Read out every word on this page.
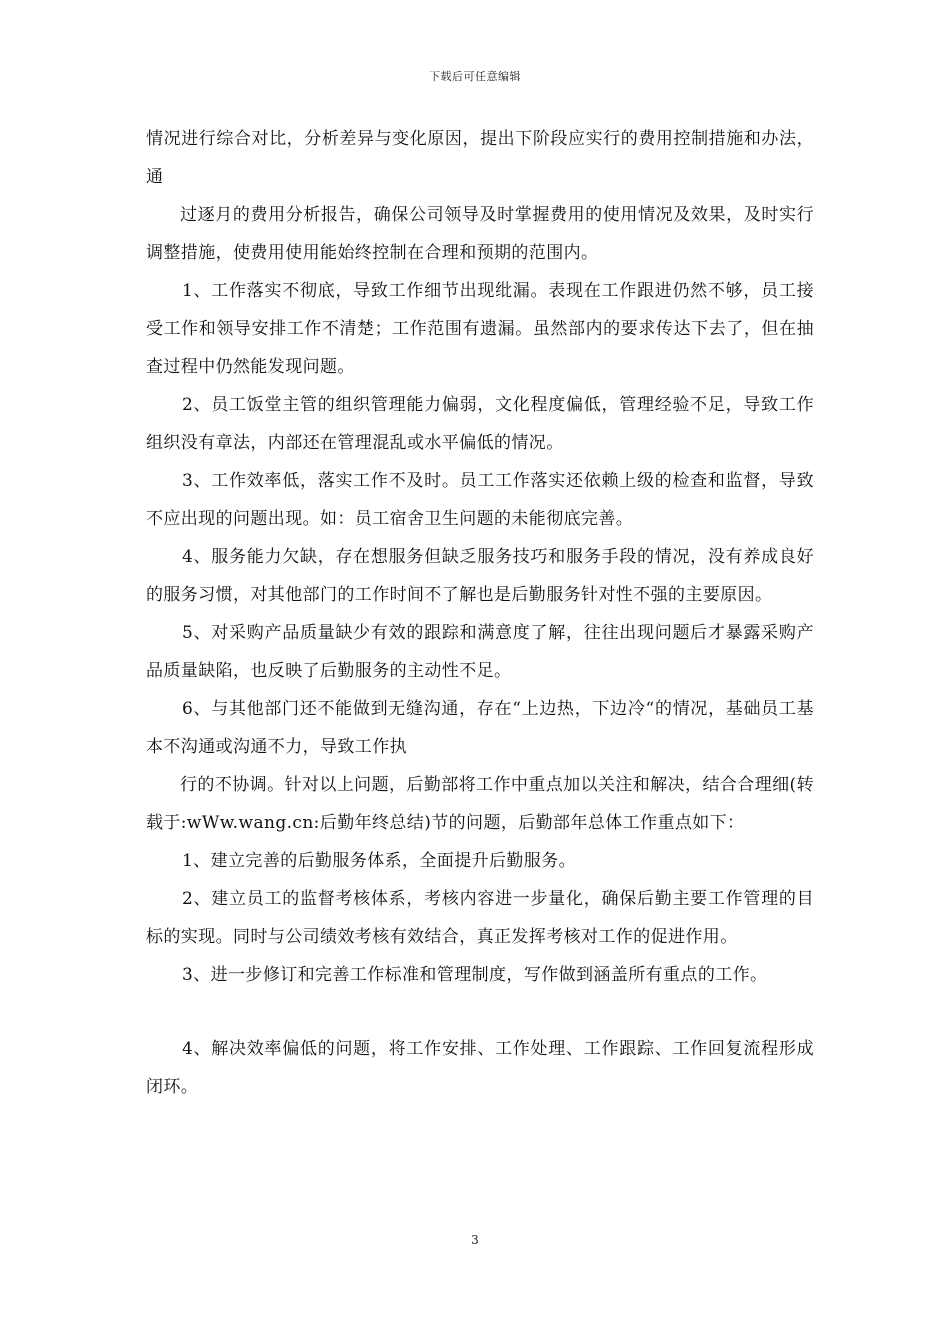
下载后可任意编辑

情况进行综合对比，分析差异与变化原因，提出下阶段应实行的费用控制措施和办法，通

过逐月的费用分析报告，确保公司领导及时掌握费用的使用情况及效果，及时实行调整措施，使费用使用能始终控制在合理和预期的范围内。

1、工作落实不彻底，导致工作细节出现纰漏。表现在工作跟进仍然不够，员工接受工作和领导安排工作不清楚；工作范围有遗漏。虽然部内的要求传达下去了，但在抽查过程中仍然能发现问题。

2、员工饭堂主管的组织管理能力偏弱，文化程度偏低，管理经验不足，导致工作组织没有章法，内部还在管理混乱或水平偏低的情况。

3、工作效率低，落实工作不及时。员工工作落实还依赖上级的检查和监督，导致不应出现的问题出现。如：员工宿舍卫生问题的未能彻底完善。

4、服务能力欠缺，存在想服务但缺乏服务技巧和服务手段的情况，没有养成良好的服务习惯，对其他部门的工作时间不了解也是后勤服务针对性不强的主要原因。

5、对采购产品质量缺少有效的跟踪和满意度了解，往往出现问题后才暴露采购产品质量缺陷，也反映了后勤服务的主动性不足。

6、与其他部门还不能做到无缝沟通，存在“上边热，下边冷“的情况，基础员工基本不沟通或沟通不力，导致工作执

行的不协调。针对以上问题，后勤部将工作中重点加以关注和解决，结合合理细(转载于:wWw.wang.cn:后勤年终总结)节的问题，后勤部年总体工作重点如下：

1、建立完善的后勤服务体系，全面提升后勤服务。

2、建立员工的监督考核体系，考核内容进一步量化，确保后勤主要工作管理的目标的实现。同时与公司绩效考核有效结合，真正发挥考核对工作的促进作用。

3、进一步修订和完善工作标准和管理制度，写作做到涵盖所有重点的工作。

4、解决效率偏低的问题，将工作安排、工作处理、工作跟踪、工作回复流程形成闭环。

3
